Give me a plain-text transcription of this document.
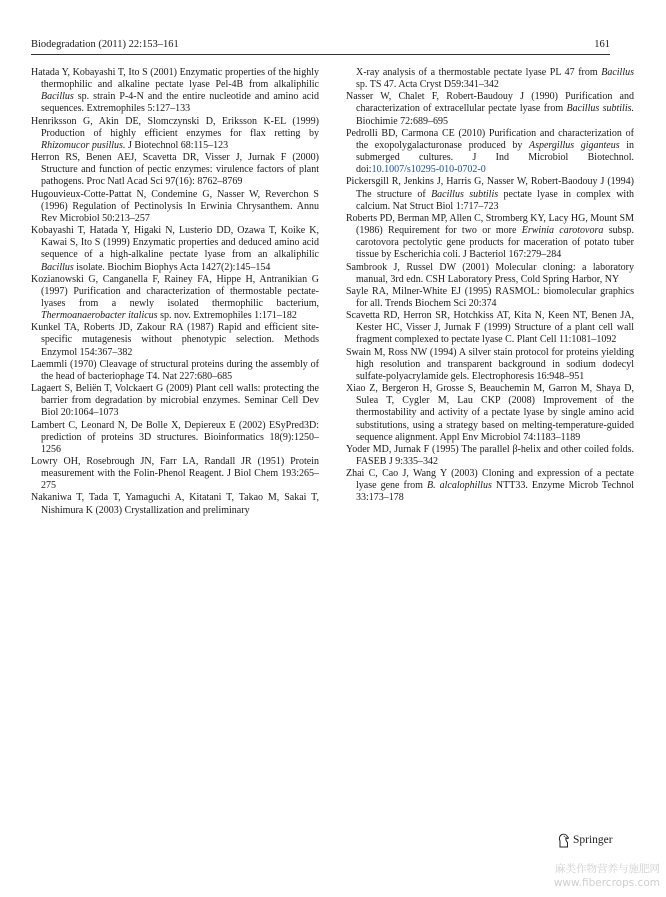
Biodegradation (2011) 22:153–161	161
Hatada Y, Kobayashi T, Ito S (2001) Enzymatic properties of the highly thermophilic and alkaline pectate lyase Pel-4B from alkaliphilic Bacillus sp. strain P-4-N and the entire nucleotide and amino acid sequences. Extremophiles 5:127–133
Henriksson G, Akin DE, Slomczynski D, Eriksson K-EL (1999) Production of highly efficient enzymes for flax retting by Rhizomucor pusillus. J Biotechnol 68:115–123
Herron RS, Benen AEJ, Scavetta DR, Visser J, Jurnak F (2000) Structure and function of pectic enzymes: virulence factors of plant pathogens. Proc Natl Acad Sci 97(16): 8762–8769
Hugouvieux-Cotte-Pattat N, Condemine G, Nasser W, Reverchon S (1996) Regulation of Pectinolysis In Erwinia Chrysanthem. Annu Rev Microbiol 50:213–257
Kobayashi T, Hatada Y, Higaki N, Lusterio DD, Ozawa T, Koike K, Kawai S, Ito S (1999) Enzymatic properties and deduced amino acid sequence of a high-alkaline pectate lyase from an alkaliphilic Bacillus isolate. Biochim Biophys Acta 1427(2):145–154
Kozianowski G, Canganella F, Rainey FA, Hippe H, Antranikian G (1997) Purification and characterization of thermostable pectate-lyases from a newly isolated thermophilic bacterium, Thermoanaerobacter italicus sp. nov. Extremophiles 1:171–182
Kunkel TA, Roberts JD, Zakour RA (1987) Rapid and efficient site-specific mutagenesis without phenotypic selection. Methods Enzymol 154:367–382
Laemmli (1970) Cleavage of structural proteins during the assembly of the head of bacteriophage T4. Nat 227:680–685
Lagaert S, Beliën T, Volckaert G (2009) Plant cell walls: protecting the barrier from degradation by microbial enzymes. Seminar Cell Dev Biol 20:1064–1073
Lambert C, Leonard N, De Bolle X, Depiereux E (2002) ESyPred3D: prediction of proteins 3D structures. Bioinformatics 18(9):1250–1256
Lowry OH, Rosebrough JN, Farr LA, Randall JR (1951) Protein measurement with the Folin-Phenol Reagent. J Biol Chem 193:265–275
Nakaniwa T, Tada T, Yamaguchi A, Kitatani T, Takao M, Sakai T, Nishimura K (2003) Crystallization and preliminary
X-ray analysis of a thermostable pectate lyase PL 47 from Bacillus sp. TS 47. Acta Cryst D59:341–342
Nasser W, Chalet F, Robert-Baudouy J (1990) Purification and characterization of extracellular pectate lyase from Bacillus subtilis. Biochimie 72:689–695
Pedrolli BD, Carmona CE (2010) Purification and characterization of the exopolygalacturonase produced by Aspergillus giganteus in submerged cultures. J Ind Microbiol Biotechnol. doi:10.1007/s10295-010-0702-0
Pickersgill R, Jenkins J, Harris G, Nasser W, Robert-Baodouy J (1994) The structure of Bacillus subtilis pectate lyase in complex with calcium. Nat Struct Biol 1:717–723
Roberts PD, Berman MP, Allen C, Stromberg KY, Lacy HG, Mount SM (1986) Requirement for two or more Erwinia carotovora subsp. carotovora pectolytic gene products for maceration of potato tuber tissue by Escherichia coli. J Bacteriol 167:279–284
Sambrook J, Russel DW (2001) Molecular cloning: a laboratory manual, 3rd edn. CSH Laboratory Press, Cold Spring Harbor, NY
Sayle RA, Milner-White EJ (1995) RASMOL: biomolecular graphics for all. Trends Biochem Sci 20:374
Scavetta RD, Herron SR, Hotchkiss AT, Kita N, Keen NT, Benen JA, Kester HC, Visser J, Jurnak F (1999) Structure of a plant cell wall fragment complexed to pectate lyase C. Plant Cell 11:1081–1092
Swain M, Ross NW (1994) A silver stain protocol for proteins yielding high resolution and transparent background in sodium dodecyl sulfate-polyacrylamide gels. Electrophoresis 16:948–951
Xiao Z, Bergeron H, Grosse S, Beauchemin M, Garron M, Shaya D, Sulea T, Cygler M, Lau CKP (2008) Improvement of the thermostability and activity of a pectate lyase by single amino acid substitutions, using a strategy based on melting-temperature-guided sequence alignment. Appl Env Microbiol 74:1183–1189
Yoder MD, Jurnak F (1995) The parallel β-helix and other coiled folds. FASEB J 9:335–342
Zhai C, Cao J, Wang Y (2003) Cloning and expression of a pectate lyase gene from B. alcalophillus NTT33. Enzyme Microb Technol 33:173–178
Springer
麻类作物营养与施肥网
www.fibercrops.com
